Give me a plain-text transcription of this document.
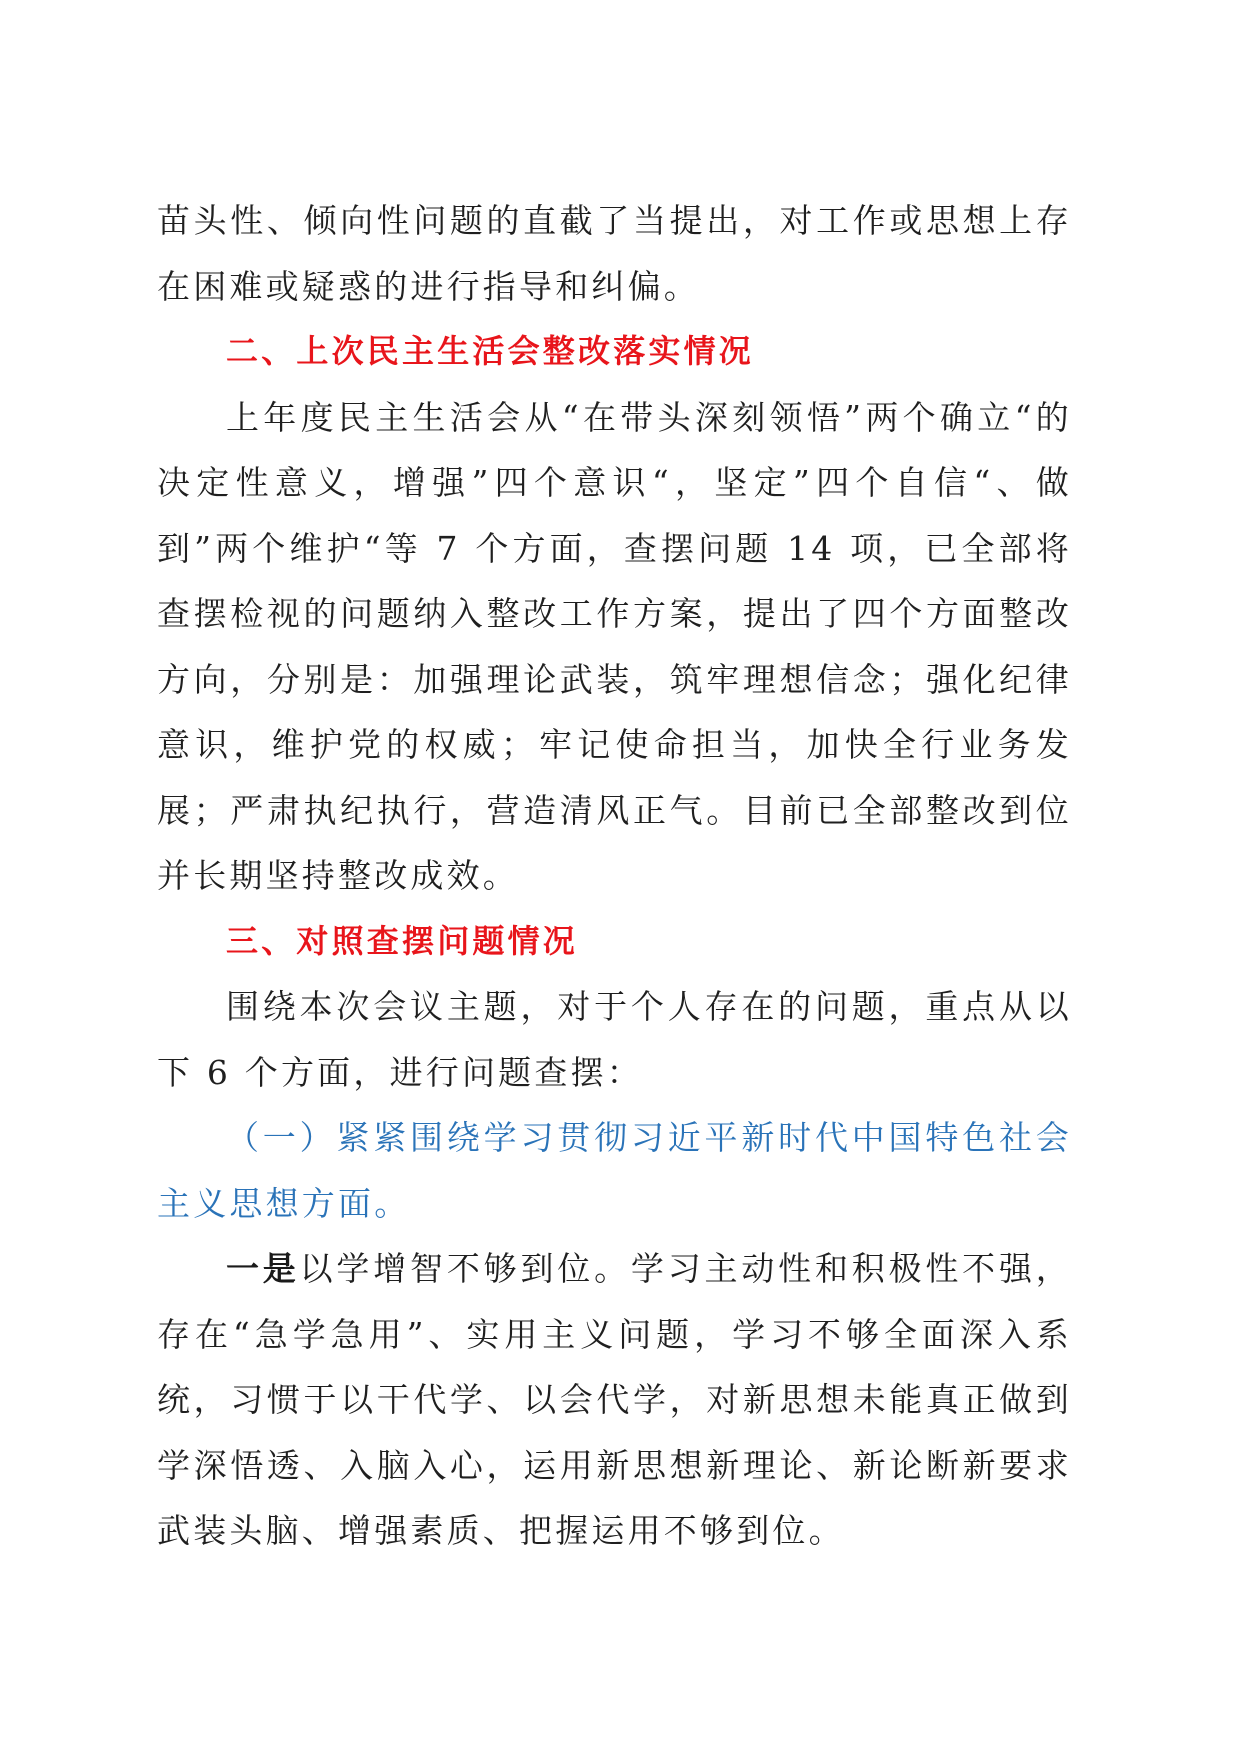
苗头性、倾向性问题的直截了当提出，对工作或思想上存在困难或疑惑的进行指导和纠偏。

二、上次民主生活会整改落实情况

上年度民主生活会从“在带头深刻领悟”两个确立“的决定性意义，增强”四个意识“，坚定”四个自信“、做到”两个维护“等 7 个方面，查摆问题 14 项，已全部将查摆检视的问题纳入整改工作方案，提出了四个方面整改方向，分别是：加强理论武装，筑牢理想信念；强化纪律意识，维护党的权威；牢记使命担当，加快全行业务发展；严肃执纪执行，营造清风正气。目前已全部整改到位并长期坚持整改成效。

三、对照查摆问题情况

围绕本次会议主题，对于个人存在的问题，重点从以下 6 个方面，进行问题查摆：

（一）紧紧围绕学习贯彻习近平新时代中国特色社会主义思想方面。

一是以学增智不够到位。学习主动性和积极性不强，存在“急学急用”、实用主义问题，学习不够全面深入系统，习惯于以干代学、以会代学，对新思想未能真正做到学深悟透、入脑入心，运用新思想新理论、新论断新要求武装头脑、增强素质、把握运用不够到位。
